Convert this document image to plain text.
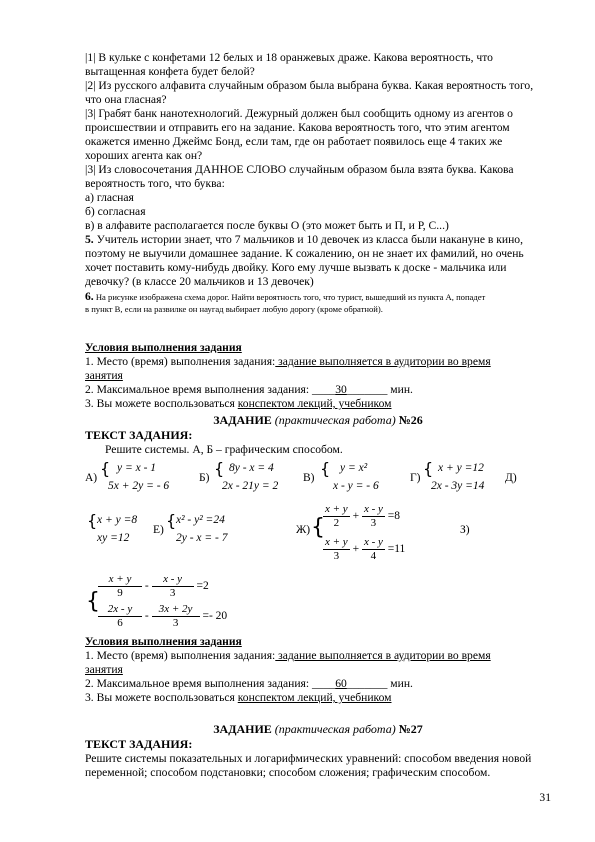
|1| В кульке с конфетами 12 белых и 18 оранжевых драже. Какова вероятность, что
вытащенная конфета будет белой?
|2| Из русского алфавита случайным образом была выбрана буква. Какая вероятность того,
что она гласная?
|3| Грабят банк нанотехнологий. Дежурный должен был сообщить одному из агентов о
происшествии и отправить его на задание. Какова вероятность того, что этим агентом
окажется именно Джеймс Бонд, если там, где он работает появилось еще 4 таких же
хороших агента как он?
|3| Из словосочетания ДАННОЕ СЛОВО случайным образом была взята буква. Какова
вероятность того, что буква:
а) гласная
б) согласная
в) в алфавите располагается после буквы О (это может быть и П, и Р, С...)
5. Учитель истории знает, что 7 мальчиков и 10 девочек из класса были накануне в кино,
поэтому не выучили домашнее задание. К сожалению, он не знает их фамилий, но очень
хочет поставить кому-нибудь двойку. Кого ему лучше вызвать к доске - мальчика или
девочку? (в классе 20 мальчиков и 13 девочек)
6. На рисунке изображена схема дорог. Найти вероятность того, что турист, вышедший из пункта А, попадет
в пункт В, если на развилке он наугад выбирает любую дорогу (кроме обратной).
Условия выполнения задания
1. Место (время) выполнения задания: задание выполняется в аудитории во время
занятия
2. Максимальное время выполнения задания: ____30_______ мин.
3. Вы можете воспользоваться конспектом лекций, учебником
ЗАДАНИЕ (практическая работа) №26
ТЕКСТ ЗАДАНИЯ:
Решите системы. А, Б – графическим способом.
А) { y = x - 1
5x + 2y = - 6
Б) { 8y - x = 4
2x - 21y = 2
В) { y = x²
x - y = - 6
Г) { x + y =12
2x - 3y =14
Д)
{ x + y =8
xy =12
Е) { x² - y² =24
2y - x = - 7
Ж) {
$\frac{x + y}{2} + \frac{x - y}{3} =8$
$\frac{x + y}{3} + \frac{x - y}{4} =11$
З)
{
$\frac{x + y}{9} - \frac{x - y}{3} =2$
$\frac{2x - y}{6} - \frac{3x + 2y}{3} =- 20$
Условия выполнения задания
1. Место (время) выполнения задания: задание выполняется в аудитории во время
занятия
2. Максимальное время выполнения задания: ____60_______ мин.
3. Вы можете воспользоваться конспектом лекций, учебником
ЗАДАНИЕ (практическая работа) №27
ТЕКСТ ЗАДАНИЯ:
Решите системы показательных и логарифмических уравнений: способом введения новой
переменной; способом подстановки; способом сложения; графическим способом.
31
